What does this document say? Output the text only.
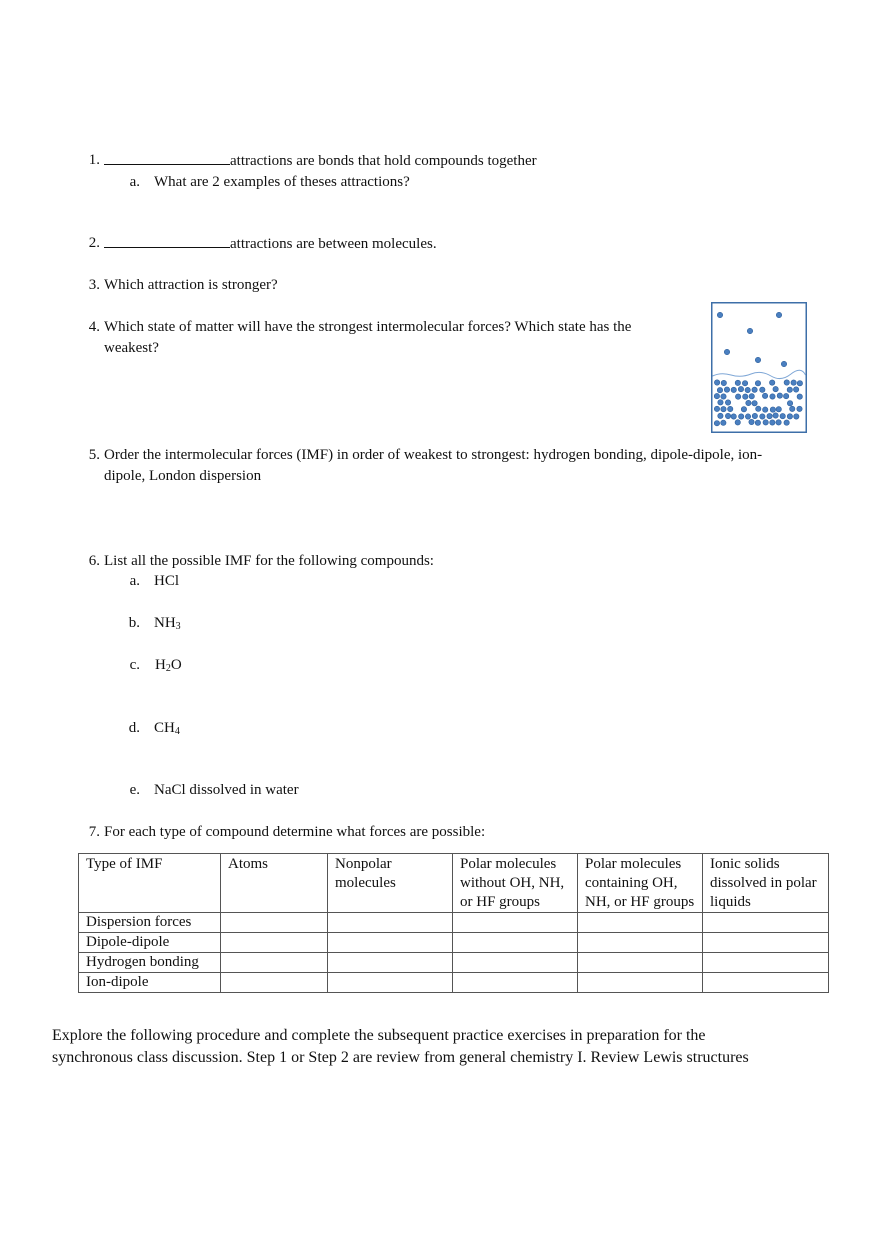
1.	attractions are bonds that hold compounds together
a. What are 2 examples of theses attractions?
2.	attractions are between molecules.
3. Which attraction is stronger?
4. Which state of matter will have the strongest intermolecular forces? Which state has the
weakest?
5. Order the intermolecular forces (IMF) in order of weakest to strongest: hydrogen bonding, dipole-dipole, ion-
dipole, London dispersion
6. List all the possible IMF for the following compounds:
a. HCl
b. $NH_3$
c. $H_2O$
d. $CH_4$
e. NaCl dissolved in water
7. For each type of compound determine what forces are possible:
Type of IMF	Atoms	Nonpolar molecules	Polar molecules without OH, NH, or HF groups	Polar molecules containing OH, NH, or HF groups	Ionic solids dissolved in polar liquids
Dispersion forces					
Dipole-dipole					
Hydrogen bonding					
Ion-dipole					
Explore the following procedure and complete the subsequent practice exercises in preparation for the
synchronous class discussion. Step 1 or Step 2 are review from general chemistry I. Review Lewis structures
